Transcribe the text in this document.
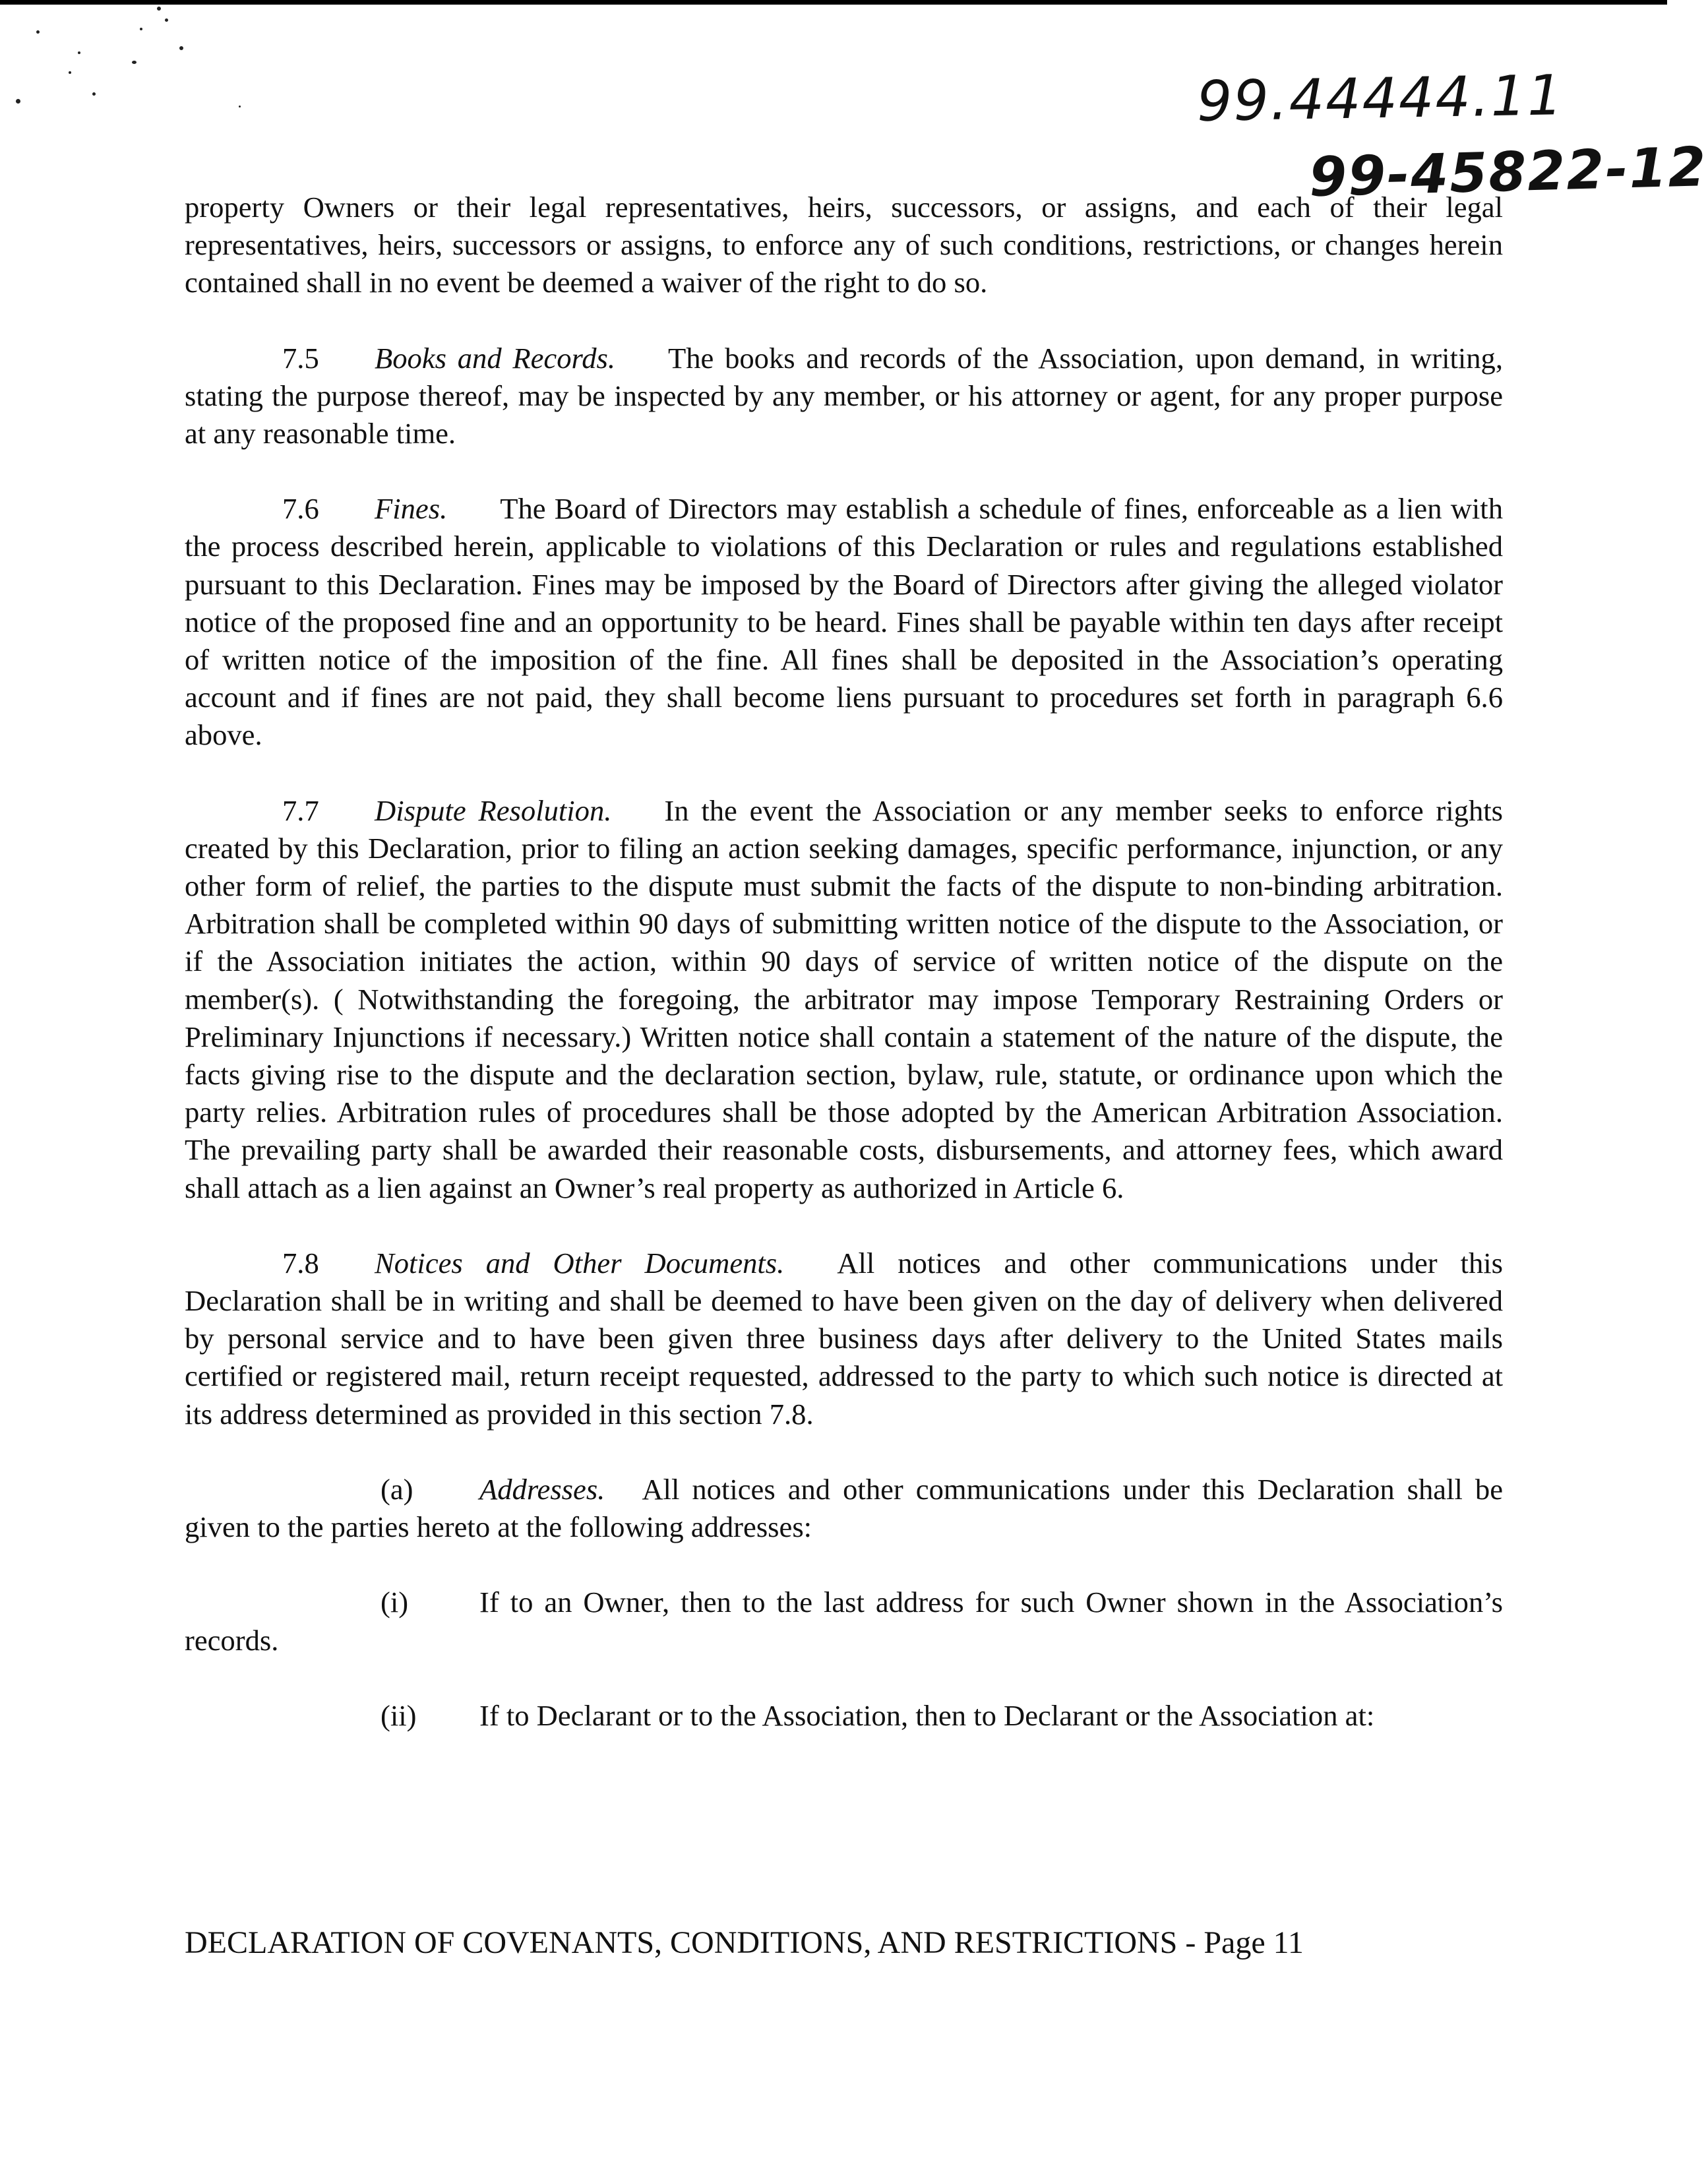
99.44444.11
99-45822-12

property Owners or their legal representatives, heirs, successors, or assigns, and each of their legal representatives, heirs, successors or assigns, to enforce any of such conditions, restrictions, or changes herein contained shall in no event be deemed a waiver of the right to do so.

7.5 Books and Records. The books and records of the Association, upon demand, in writing, stating the purpose thereof, may be inspected by any member, or his attorney or agent, for any proper purpose at any reasonable time.

7.6 Fines. The Board of Directors may establish a schedule of fines, enforceable as a lien with the process described herein, applicable to violations of this Declaration or rules and regulations established pursuant to this Declaration. Fines may be imposed by the Board of Directors after giving the alleged violator notice of the proposed fine and an opportunity to be heard. Fines shall be payable within ten days after receipt of written notice of the imposition of the fine. All fines shall be deposited in the Association’s operating account and if fines are not paid, they shall become liens pursuant to procedures set forth in paragraph 6.6 above.

7.7 Dispute Resolution. In the event the Association or any member seeks to enforce rights created by this Declaration, prior to filing an action seeking damages, specific performance, injunction, or any other form of relief, the parties to the dispute must submit the facts of the dispute to non-binding arbitration. Arbitration shall be completed within 90 days of submitting written notice of the dispute to the Association, or if the Association initiates the action, within 90 days of service of written notice of the dispute on the member(s). ( Notwithstanding the foregoing, the arbitrator may impose Temporary Restraining Orders or Preliminary Injunctions if necessary.) Written notice shall contain a statement of the nature of the dispute, the facts giving rise to the dispute and the declaration section, bylaw, rule, statute, or ordinance upon which the party relies. Arbitration rules of procedures shall be those adopted by the American Arbitration Association. The prevailing party shall be awarded their reasonable costs, disbursements, and attorney fees, which award shall attach as a lien against an Owner’s real property as authorized in Article 6.

7.8 Notices and Other Documents. All notices and other communications under this Declaration shall be in writing and shall be deemed to have been given on the day of delivery when delivered by personal service and to have been given three business days after delivery to the United States mails certified or registered mail, return receipt requested, addressed to the party to which such notice is directed at its address determined as provided in this section 7.8.

(a) Addresses. All notices and other communications under this Declaration shall be given to the parties hereto at the following addresses:

(i) If to an Owner, then to the last address for such Owner shown in the Association’s records.

(ii) If to Declarant or to the Association, then to Declarant or the Association at:

DECLARATION OF COVENANTS, CONDITIONS, AND RESTRICTIONS - Page 11
